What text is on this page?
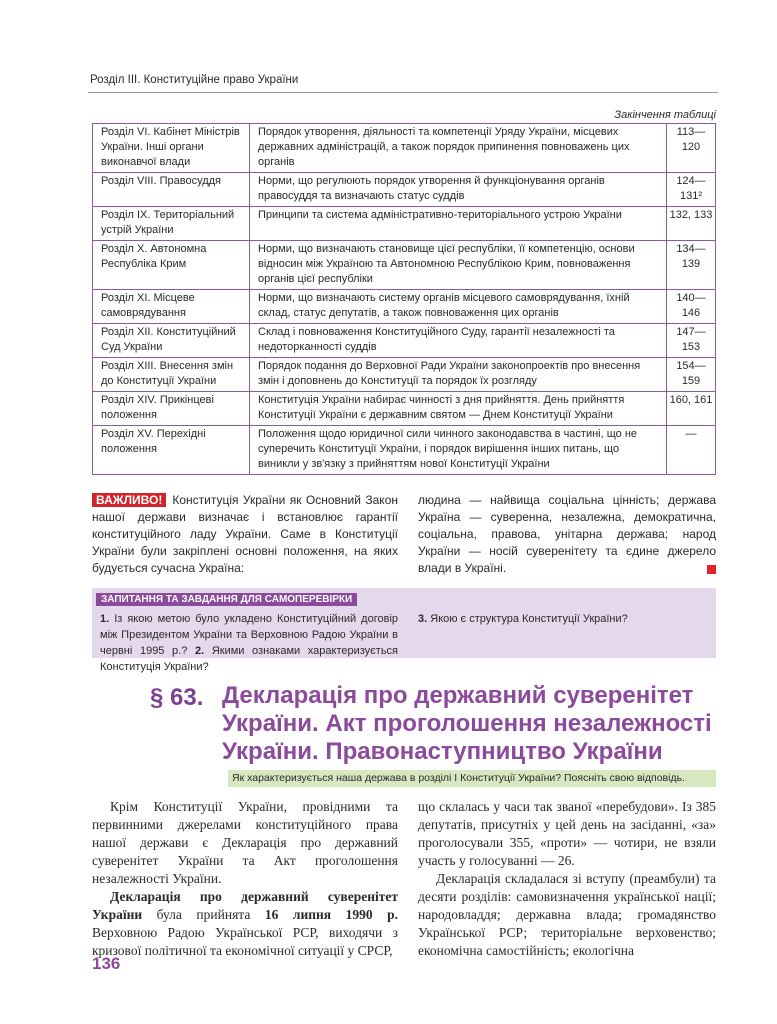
Розділ III. Конституційне право України
Закінчення таблиці
Розділ VI. Кабінет Міністрів України. Інші органи виконавчої влади	Порядок утворення, діяльності та компетенції Уряду України, місцевих державних адміністрацій, а також порядок припинення повноважень цих органів	113—120
Розділ VIII. Правосуддя	Норми, що регулюють порядок утворення й функціонування органів правосуддя та визначають статус суддів	124—131²
Розділ IX. Територіальний устрій України	Принципи та система адміністративно-територіального устрою України	132, 133
Розділ X. Автономна Республіка Крим	Норми, що визначають становище цієї республіки, її компетенцію, основи відносин між Україною та Автономною Республікою Крим, повноваження органів цієї республіки	134—139
Розділ XI. Місцеве самоврядування	Норми, що визначають систему органів місцевого самоврядування, їхній склад, статус депутатів, а також повноваження цих органів	140—146
Розділ XII. Конституційний Суд України	Склад і повноваження Конституційного Суду, гарантії незалежності та недоторканності суддів	147—153
Розділ XIII. Внесення змін до Конституції України	Порядок подання до Верховної Ради України законопроектів про внесення змін і доповнень до Конституції та порядок їх розгляду	154—159
Розділ XIV. Прикінцеві положення	Конституція України набирає чинності з дня прийняття. День прийняття Конституції України є державним святом — Днем Конституції України	160, 161
Розділ XV. Перехідні положення	Положення щодо юридичної сили чинного законодавства в частині, що не суперечить Конституції України, і порядок вирішення інших питань, що виникли у зв'язку з прийняттям нової Конституції України	—
ВАЖЛИВО! Конституція України як Основний Закон нашої держави визначає і встановлює гарантії конституційного ладу України. Саме в Конституції України були закріплені основні положення, на яких будується сучасна Україна:
людина — найвища соціальна цінність; держава Україна — суверенна, незалежна, демократична, соціальна, правова, унітарна держава; народ України — носій суверенітету та єдине джерело влади в Україні.
ЗАПИТАННЯ ТА ЗАВДАННЯ ДЛЯ САМОПЕРЕВІРКИ
1. Із якою метою було укладено Конституційний договір між Президентом України та Верховною Радою України в червні 1995 р.? 2. Якими ознаками характеризується Конституція України?
3. Якою є структура Конституції України?
§ 63. Декларація про державний суверенітет України. Акт проголошення незалежності України. Правонаступництво України
Як характеризується наша держава в розділі І Конституції України? Поясніть свою відповідь.

Крім Конституції України, провідними та первинними джерелами конституційного права нашої держави є Декларація про державний суверенітет України та Акт проголошення незалежності України.

Декларація про державний суверенітет України була прийнята 16 липня 1990 р. Верховною Радою Української РСР, виходячи з кризової політичної та економічної ситуації у СРСР,

що склалась у часи так званої «перебудови». Із 385 депутатів, присутніх у цей день на засіданні, «за» проголосували 355, «проти» — чотири, не взяли участь у голосуванні — 26.

Декларація складалася зі вступу (преамбули) та десяти розділів: самовизначення української нації; народовладдя; державна влада; громадянство Української РСР; територіальне верховенство; економічна самостійність; екологічна

136
